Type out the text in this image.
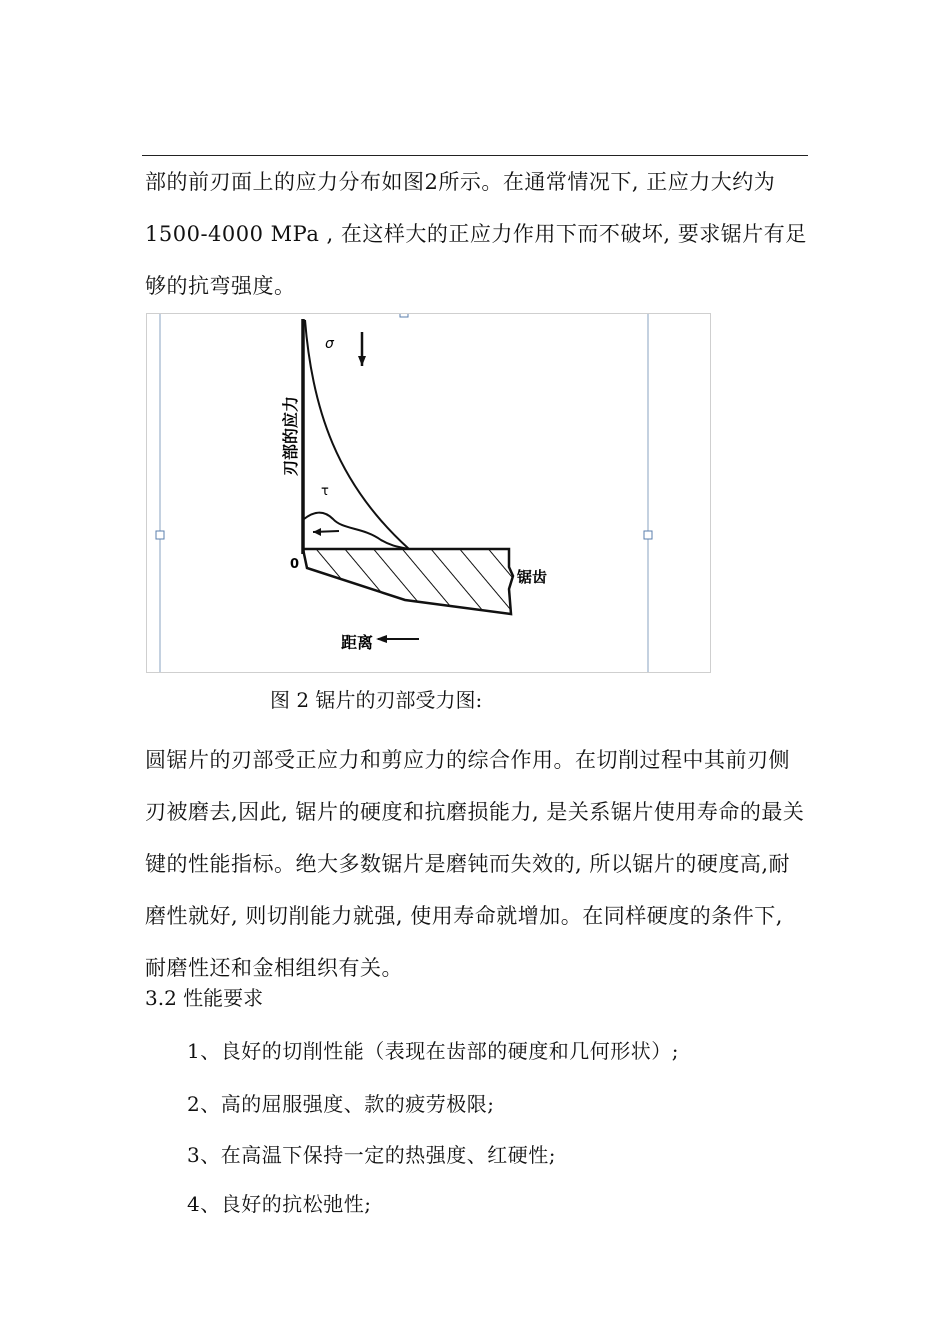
部的前刃面上的应力分布如图2所示。在通常情况下, 正应力大约为1500-4000 MPa , 在这样大的正应力作用下而不破坏, 要求锯片有足够的抗弯强度。

σ
τ
0
锯齿
距离
刃部的应力

图 2 锯片的刃部受力图:

圆锯片的刃部受正应力和剪应力的综合作用。在切削过程中其前刃侧刃被磨去,因此, 锯片的硬度和抗磨损能力, 是关系锯片使用寿命的最关键的性能指标。绝大多数锯片是磨钝而失效的, 所以锯片的硬度高,耐磨性就好, 则切削能力就强, 使用寿命就增加。在同样硬度的条件下, 耐磨性还和金相组织有关。

3.2 性能要求

1、良好的切削性能（表现在齿部的硬度和几何形状）;

2、高的屈服强度、款的疲劳极限;

3、在高温下保持一定的热强度、红硬性;

4、良好的抗松弛性;
